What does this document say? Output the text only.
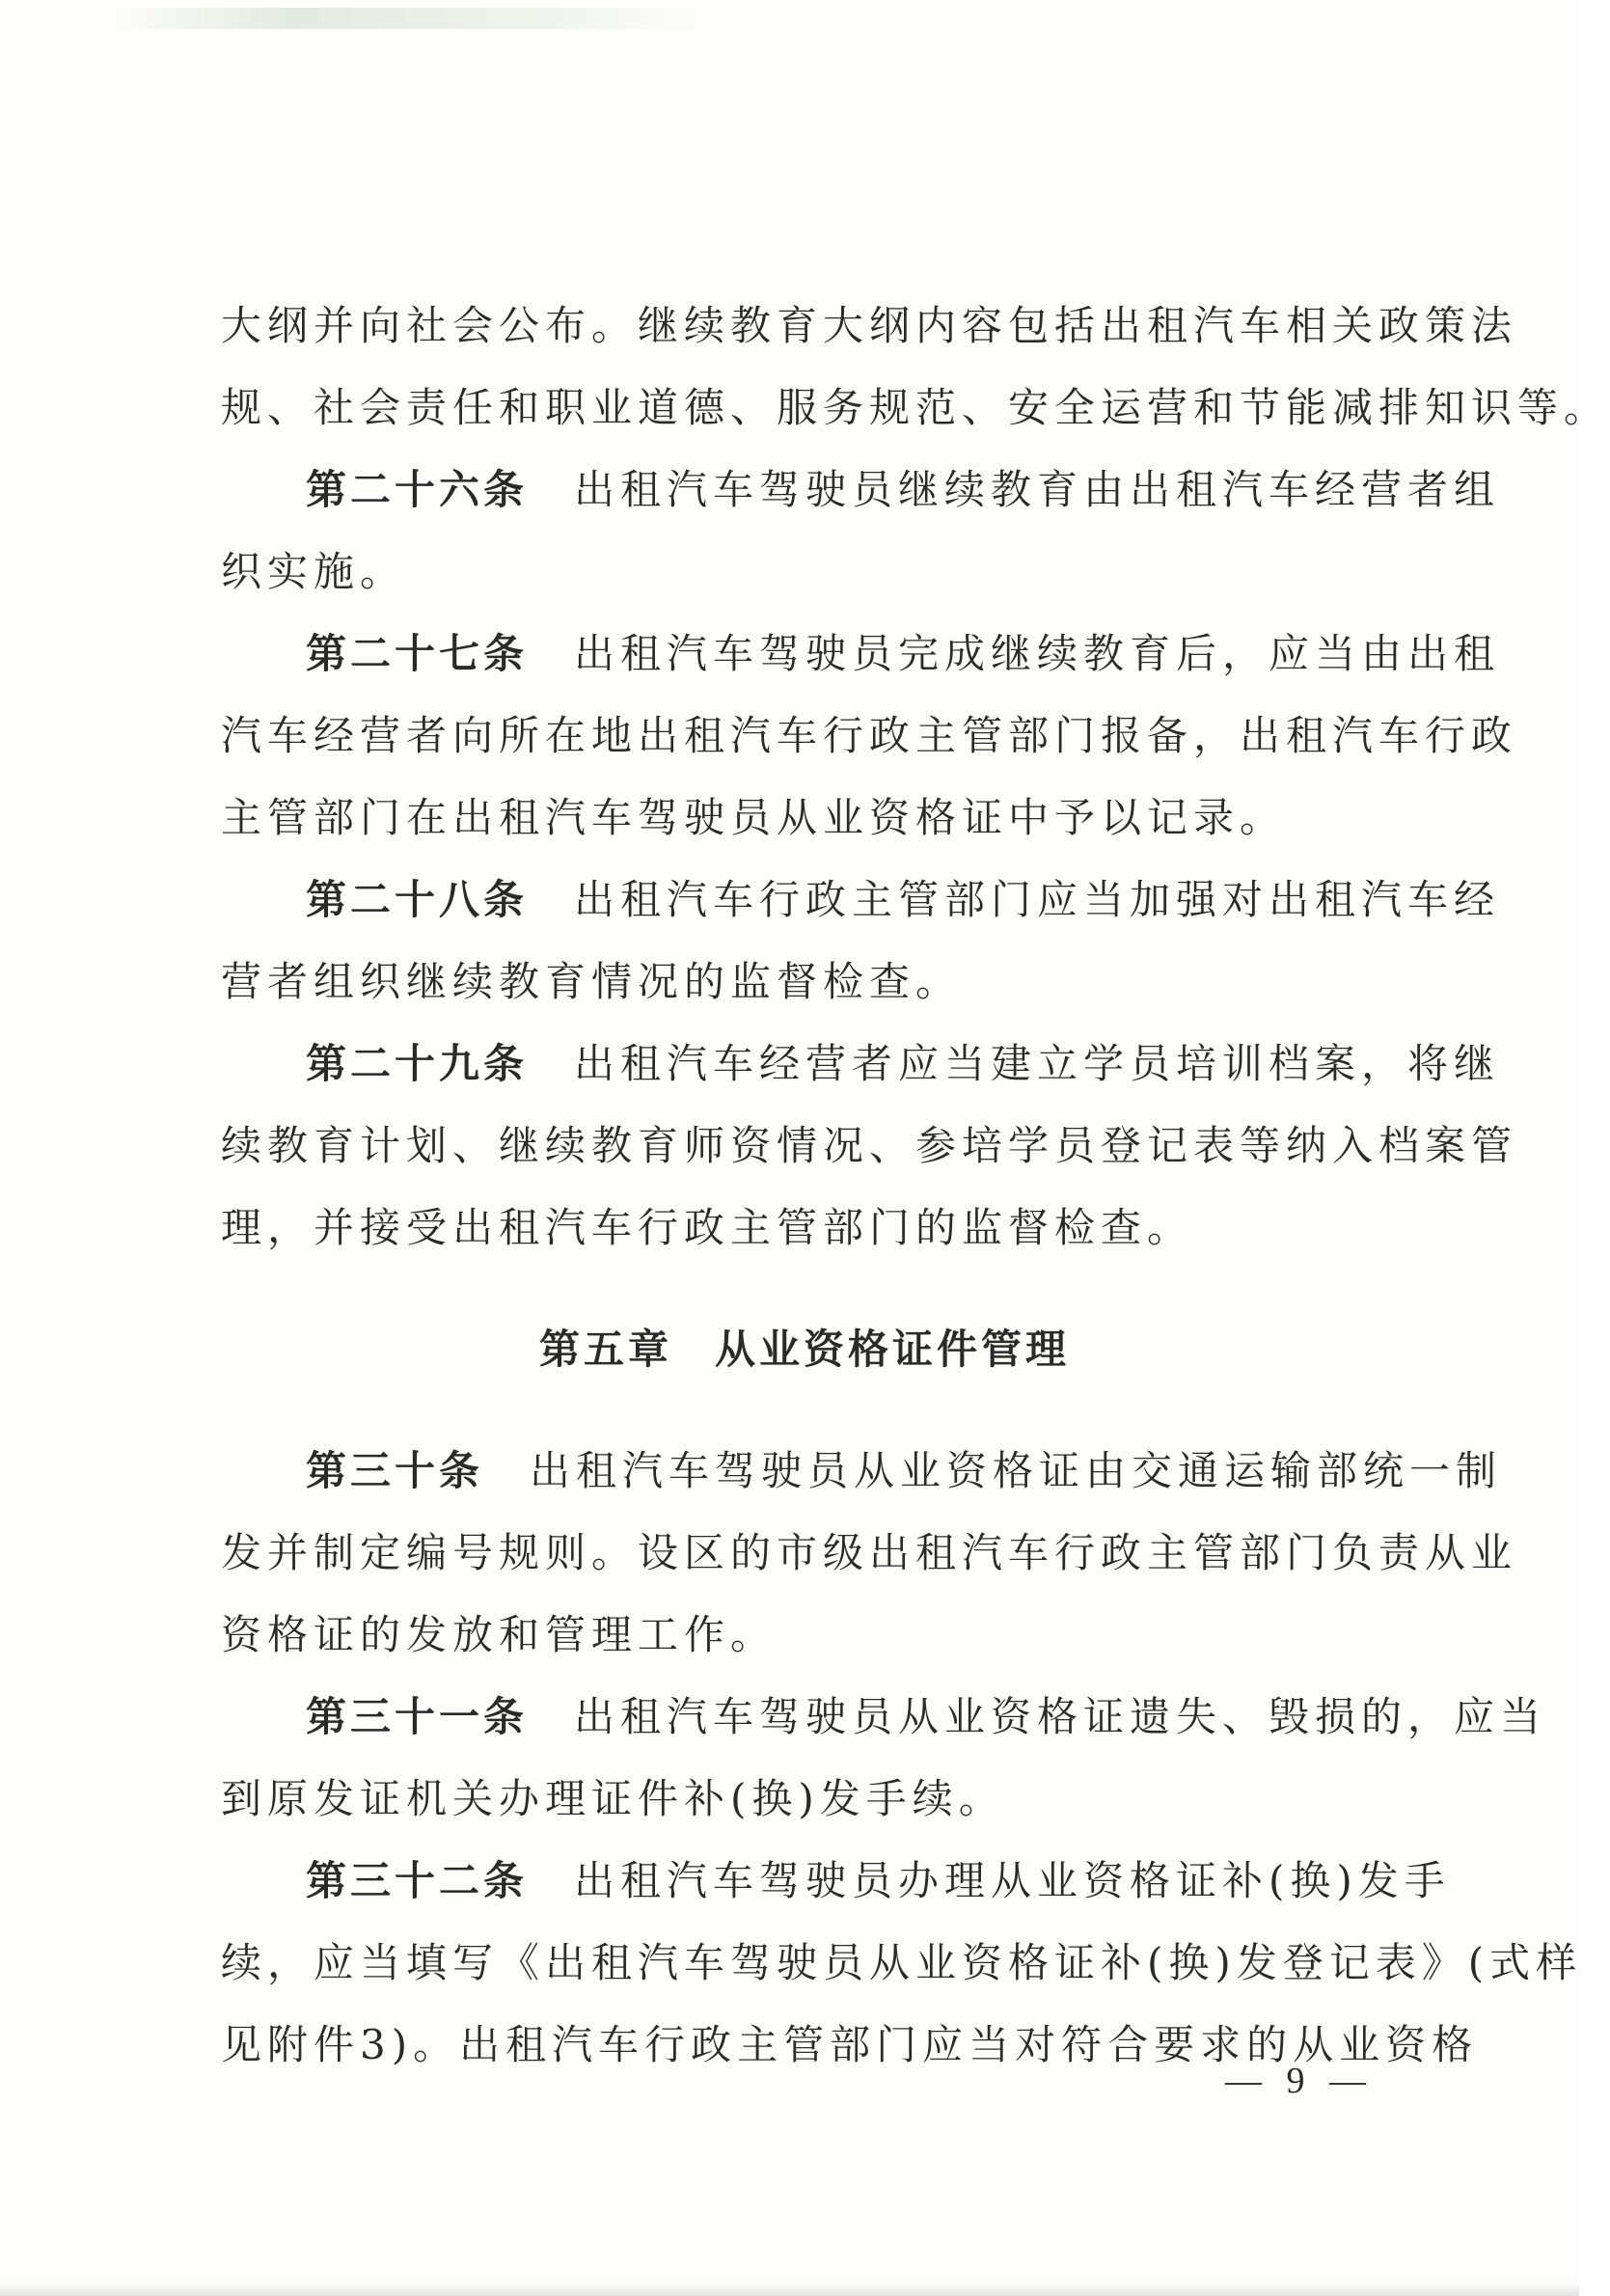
大纲并向社会公布。继续教育大纲内容包括出租汽车相关政策法
规、社会责任和职业道德、服务规范、安全运营和节能减排知识等。
第二十六条 出租汽车驾驶员继续教育由出租汽车经营者组
织实施。
第二十七条 出租汽车驾驶员完成继续教育后，应当由出租
汽车经营者向所在地出租汽车行政主管部门报备，出租汽车行政
主管部门在出租汽车驾驶员从业资格证中予以记录。
第二十八条 出租汽车行政主管部门应当加强对出租汽车经
营者组织继续教育情况的监督检查。
第二十九条 出租汽车经营者应当建立学员培训档案，将继
续教育计划、继续教育师资情况、参培学员登记表等纳入档案管
理，并接受出租汽车行政主管部门的监督检查。
第五章 从业资格证件管理
第三十条 出租汽车驾驶员从业资格证由交通运输部统一制
发并制定编号规则。设区的市级出租汽车行政主管部门负责从业
资格证的发放和管理工作。
第三十一条 出租汽车驾驶员从业资格证遗失、毁损的，应当
到原发证机关办理证件补(换)发手续。
第三十二条 出租汽车驾驶员办理从业资格证补(换)发手
续，应当填写《出租汽车驾驶员从业资格证补(换)发登记表》(式样
见附件3)。出租汽车行政主管部门应当对符合要求的从业资格
— 9 —
